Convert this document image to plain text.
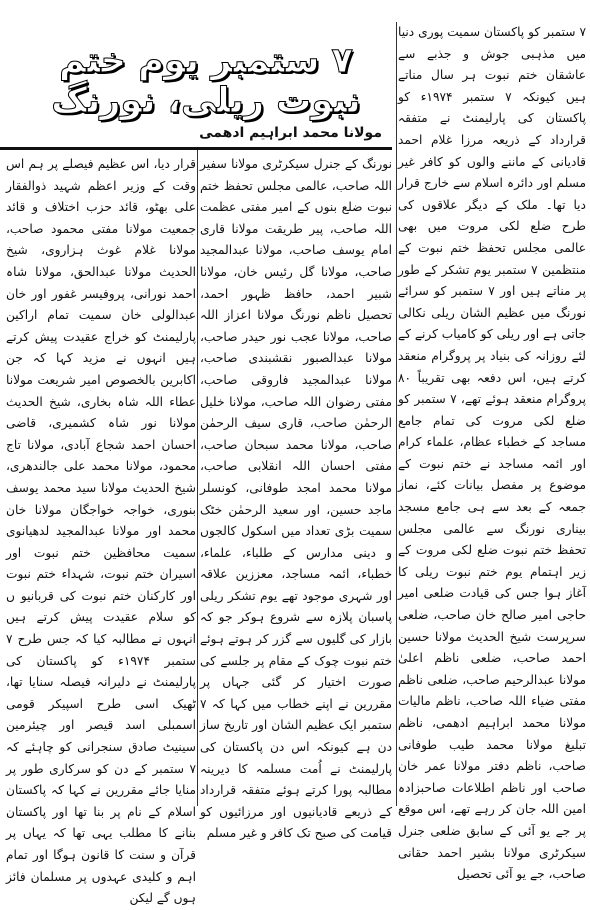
۷ ستمبر یوم ختم نبوت ریلی، نورنگ
مولانا محمد ابراہیم ادھمی

۷ ستمبر کو پاکستان سمیت پوری دنیا میں مذہبی جوش و جذبے سے عاشقان ختم نبوت ہر سال مناتے ہیں کیونکہ ۷ ستمبر ۱۹۷۴ء کو پاکستان کی پارلیمنٹ نے متفقہ قرارداد کے ذریعہ مرزا غلام احمد قادیانی کے ماننے والوں کو کافر غیر مسلم اور دائرہ اسلام سے خارج قرار دیا تھا۔ ملک کے دیگر علاقوں کی طرح ضلع لکی مروت میں بھی عالمی مجلس تحفظ ختم نبوت کے منتظمین ۷ ستمبر یوم تشکر کے طور پر مناتے ہیں اور ۷ ستمبر کو سرائے نورنگ میں عظیم الشان ریلی نکالی جاتی ہے اور ریلی کو کامیاب کرنے کے لئے روزانہ کی بنیاد پر پروگرام منعقد کرتے ہیں، اس دفعہ بھی تقریباً ۸۰ پروگرام منعقد ہوئے تھے، ۷ ستمبر کو ضلع لکی مروت کی تمام جامع مساجد کے خطباء عظام، علماء کرام اور ائمہ مساجد نے ختم نبوت کے موضوع پر مفصل بیانات کئے، نماز جمعہ کے بعد سے ہی جامع مسجد بیناری نورنگ سے عالمی مجلس تحفظ ختم نبوت ضلع لکی مروت کے زیر اہتمام یوم ختم نبوت ریلی کا آغاز ہوا جس کی قیادت ضلعی امیر حاجی امیر صالح خان صاحب، ضلعی سرپرست شیخ الحدیث مولانا حسین احمد صاحب، ضلعی ناظم اعلیٰ مولانا عبدالرحیم صاحب، ضلعی ناظم مفتی ضیاء اللہ صاحب، ناظم مالیات مولانا محمد ابراہیم ادھمی، ناظم تبلیغ مولانا محمد طیب طوفانی صاحب، ناظم دفتر مولانا عمر خان صاحب اور ناظم اطلاعات صاحبزادہ امین اللہ جان کر رہے تھے، اس موقع پر جے یو آئی کے سابق ضلعی جنرل سیکرٹری مولانا بشیر احمد حقانی صاحب، جے یو آئی تحصیل

نورنگ کے جنرل سیکرٹری مولانا سفیر اللہ صاحب، عالمی مجلس تحفظ ختم نبوت ضلع بنوں کے امیر مفتی عظمت اللہ صاحب، پیر طریقت مولانا قاری امام یوسف صاحب، مولانا عبدالمجید صاحب، مولانا گل رئیس خان، مولانا شبیر احمد، حافظ ظہور احمد، تحصیل ناظم نورنگ مولانا اعزاز اللہ صاحب، مولانا عجب نور حیدر صاحب، مولانا عبدالصبور نقشبندی صاحب، مولانا عبدالمجید فاروقی صاحب، مفتی رضوان اللہ صاحب، مولانا خلیل الرحمٰن صاحب، قاری سیف الرحمٰن صاحب، مولانا محمد سبحان صاحب، مفتی احسان اللہ انقلابی صاحب، مولانا محمد امجد طوفانی، کونسلر ماجد حسین، اور سعید الرحمٰن خٹک سمیت بڑی تعداد میں اسکول کالجوں و دینی مدارس کے طلباء، علماء، خطباء، ائمہ مساجد، معززین علاقہ اور شہری موجود تھے یوم تشکر ریلی پاسبان پلازہ سے شروع ہوکر جو کہ بازار کی گلیوں سے گزر کر ہوتے ہوئے ختم نبوت چوک کے مقام پر جلسے کی صورت اختیار کر گئی جہاں پر مقررین نے اپنے خطاب میں کہا کہ ۷ ستمبر ایک عظیم الشان اور تاریخ ساز دن ہے کیونکہ اس دن پاکستان کی پارلیمنٹ نے اُمت مسلمہ کا دیرینہ مطالبہ پورا کرتے ہوئے متفقہ قرارداد کے ذریعے قادیانیوں اور مرزائیوں کو قیامت کی صبح تک کافر و غیر مسلم

قرار دیا، اس عظیم فیصلے پر ہم اس وقت کے وزیر اعظم شہید ذوالفقار علی بھٹو، قائد حزب اختلاف و قائد جمعیت مولانا مفتی محمود صاحب، مولانا غلام غوث ہزاروی، شیخ الحدیث مولانا عبدالحق، مولانا شاہ احمد نورانی، پروفیسر غفور اور خان عبدالولی خان سمیت تمام اراکین پارلیمنٹ کو خراج عقیدت پیش کرتے ہیں انہوں نے مزید کہا کہ جن اکابرین بالخصوص امیر شریعت مولانا عطاء اللہ شاہ بخاری، شیخ الحدیث مولانا نور شاہ کشمیری، قاضی احسان احمد شجاع آبادی، مولانا تاج محمود، مولانا محمد علی جالندھری، شیخ الحدیث مولانا سید محمد یوسف بنوری، خواجہ خواجگان مولانا خان محمد اور مولانا عبدالمجید لدھیانوی سمیت محافظین ختم نبوت اور اسیران ختم نبوت، شہداء ختم نبوت اور کارکنان ختم نبوت کی قربانیو ں کو سلام عقیدت پیش کرتے ہیں انہوں نے مطالبہ کیا کہ جس طرح ۷ ستمبر ۱۹۷۴ء کو پاکستان کی پارلیمنٹ نے دلیرانہ فیصلہ سنایا تھا، ٹھیک اسی طرح اسپیکر قومی اسمبلی اسد قیصر اور چیئرمین سینیٹ صادق سنجرانی کو چاہئے کہ ۷ ستمبر کے دن کو سرکاری طور پر منایا جائے مقررین نے کہا کہ پاکستان اسلام کے نام پر بنا تھا اور پاکستان بنانے کا مطلب یہی تھا کہ یہاں پر قرآن و سنت کا قانون ہوگا اور تمام اہم و کلیدی عہدوں پر مسلمان فائز ہوں گے لیکن
